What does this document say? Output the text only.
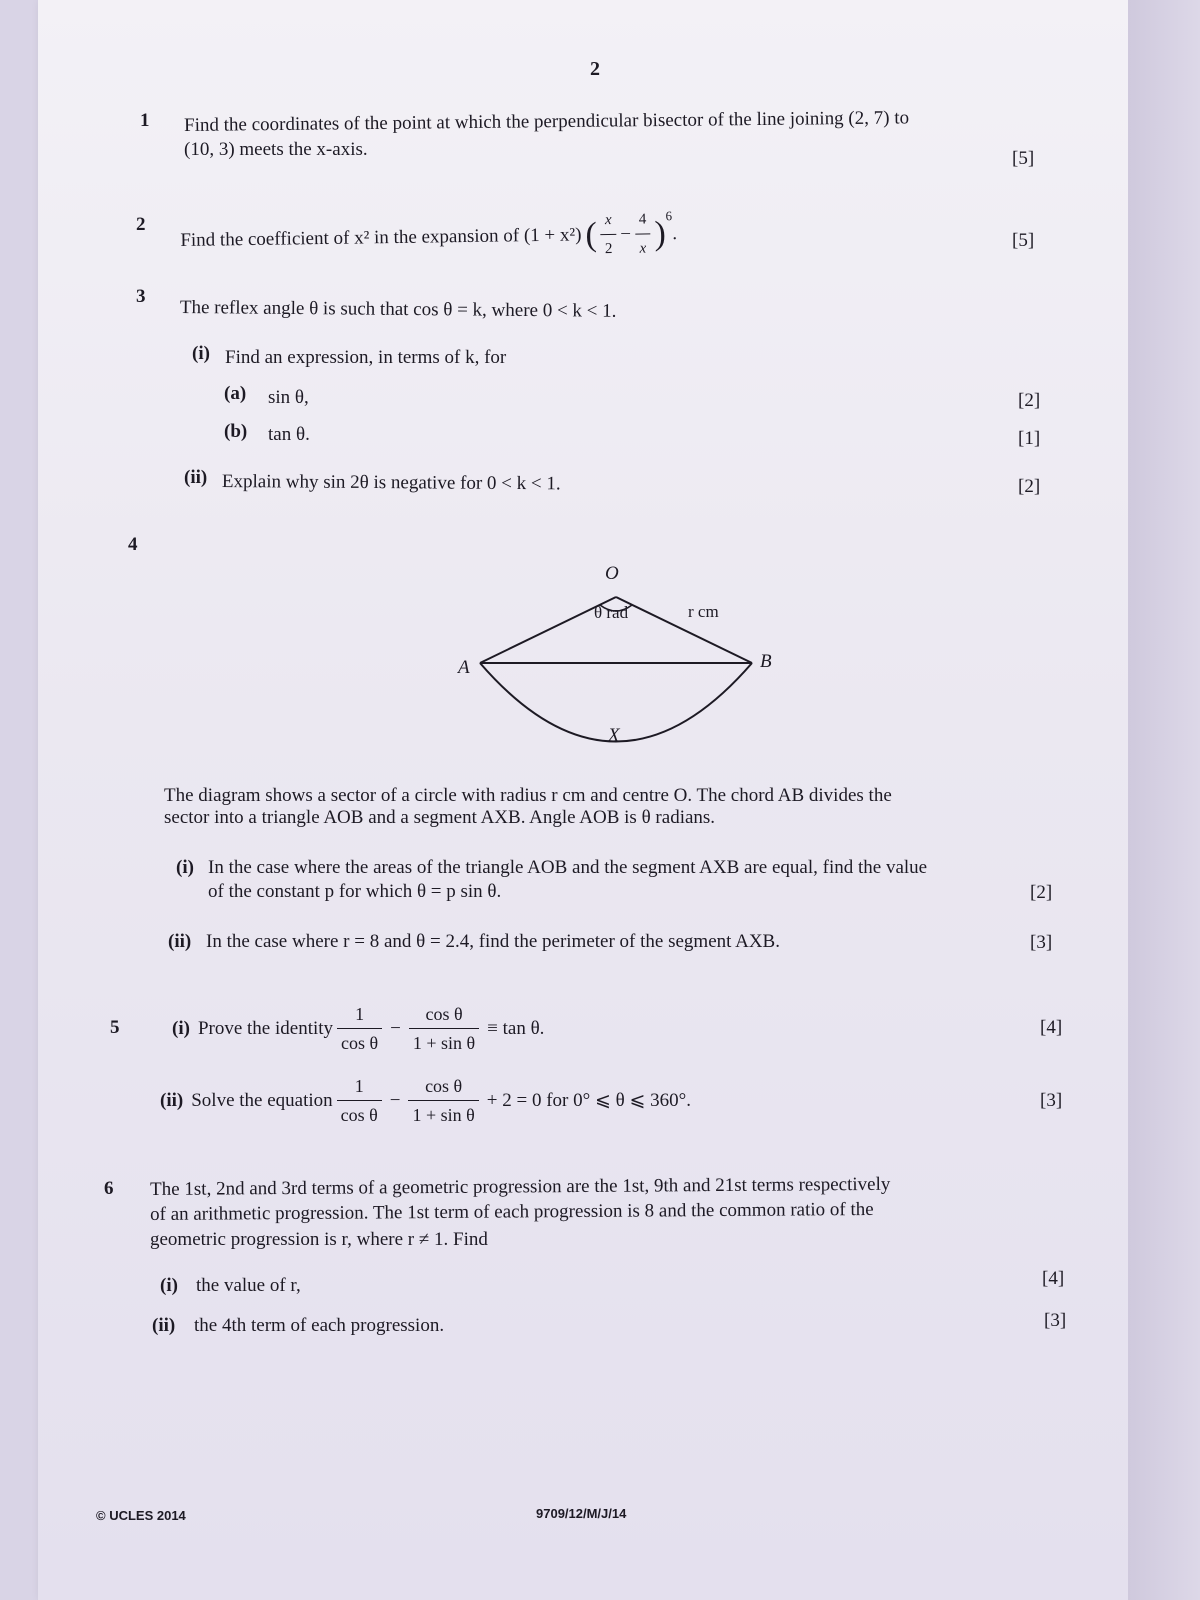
2
1 Find the coordinates of the point at which the perpendicular bisector of the line joining (2, 7) to
(10, 3) meets the x-axis.	[5]
2 Find the coefficient of x² in the expansion of (1 + x²) ( $\frac{x}{2} - \frac{4}{x}$ ) 6
.	[5]
3
The reflex angle θ is such that cos θ = k, where 0 < k < 1.
(i) Find an expression, in terms of k, for
(a) sin θ,	[2]
(b) tan θ.	[1]
(ii) Explain why sin 2θ is negative for 0 < k < 1.	[2]
4
O
A	B
X
θ rad	r cm
The diagram shows a sector of a circle with radius r cm and centre O. The chord AB divides the
sector into a triangle AOB and a segment AXB. Angle AOB is θ radians.
(i) In the case where the areas of the triangle AOB and the segment AXB are equal, find the value
of the constant p for which θ = p sin θ.	[2]
(ii) In the case where r = 8 and θ = 2.4, find the perimeter of the segment AXB.	[3]
5	(i) Prove the identity $\frac{1}{\text{cos θ}} - \frac{\text{cos θ}}{\text{1 + sin θ}} \equiv \tan \theta$.	[4]
(ii) Solve the equation $\frac{1}{\text{cos θ}} - \frac{\text{cos θ}}{\text{1 + sin θ}} + 2 = 0$ for 0° ⩽ θ ⩽ 360°.	[3]
6 The 1st, 2nd and 3rd terms of a geometric progression are the 1st, 9th and 21st terms respectively
of an arithmetic progression. The 1st term of each progression is 8 and the common ratio of the
geometric progression is r, where r ≠ 1. Find
(i) the value of r,	[4]
(ii) the 4th term of each progression.	[3]
© UCLES 2014	9709/12/M/J/14
